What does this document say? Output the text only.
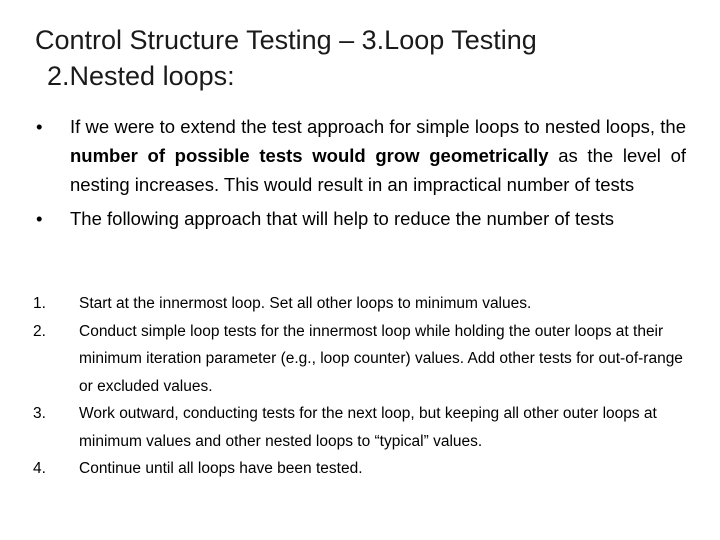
Control Structure Testing – 3.Loop Testing
2.Nested loops:
•	If we were to extend the test approach for simple loops to nested loops, the number of possible tests would grow geometrically as the level of nesting increases. This would result in an impractical number of tests
•	The following approach that will help to reduce the number of tests
1.	Start at the innermost loop. Set all other loops to minimum values.
2.	Conduct simple loop tests for the innermost loop while holding the outer loops at their minimum iteration parameter (e.g., loop counter) values. Add other tests for out-of-range or excluded values.
3.	Work outward, conducting tests for the next loop, but keeping all other outer loops at minimum values and other nested loops to “typical” values.
4.	Continue until all loops have been tested.
